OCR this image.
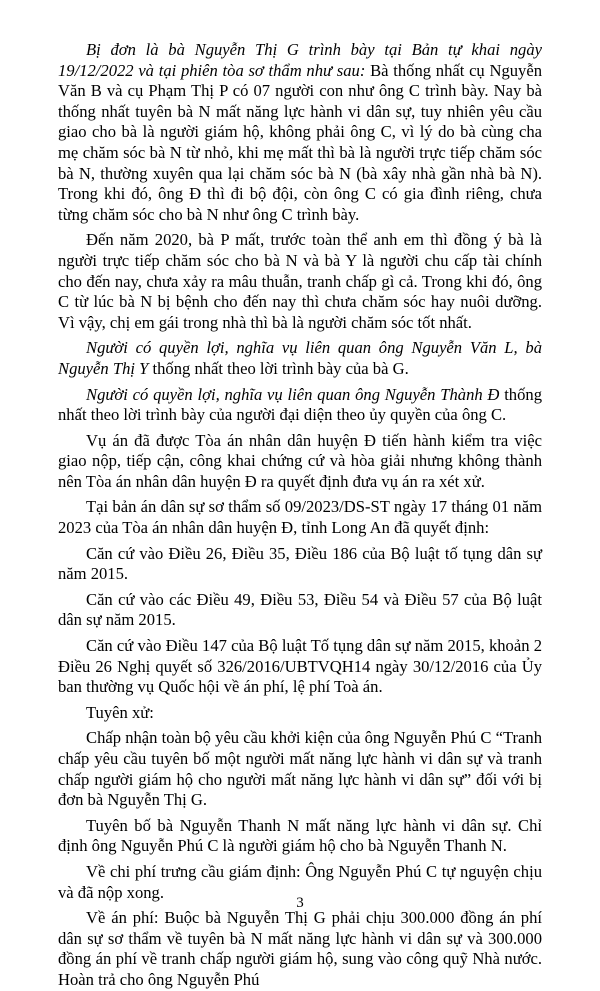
Bị đơn là bà Nguyễn Thị G trình bày tại Bản tự khai ngày 19/12/2022 và tại phiên tòa sơ thẩm như sau: Bà thống nhất cụ Nguyễn Văn B và cụ Phạm Thị P có 07 người con như ông C trình bày. Nay bà thống nhất tuyên bà N mất năng lực hành vi dân sự, tuy nhiên yêu cầu giao cho bà là người giám hộ, không phải ông C, vì lý do bà cùng cha mẹ chăm sóc bà N từ nhỏ, khi mẹ mất thì bà là người trực tiếp chăm sóc bà N, thường xuyên qua lại chăm sóc bà N (bà xây nhà gần nhà bà N). Trong khi đó, ông Đ thì đi bộ đội, còn ông C có gia đình riêng, chưa từng chăm sóc cho bà N như ông C trình bày.

Đến năm 2020, bà P mất, trước toàn thể anh em thì đồng ý bà là người trực tiếp chăm sóc cho bà N và bà Y là người chu cấp tài chính cho đến nay, chưa xảy ra mâu thuẫn, tranh chấp gì cả. Trong khi đó, ông C từ lúc bà N bị bệnh cho đến nay thì chưa chăm sóc hay nuôi dưỡng. Vì vậy, chị em gái trong nhà thì bà là người chăm sóc tốt nhất.

Người có quyền lợi, nghĩa vụ liên quan ông Nguyễn Văn L, bà Nguyễn Thị Y thống nhất theo lời trình bày của bà G.

Người có quyền lợi, nghĩa vụ liên quan ông Nguyễn Thành Đ thống nhất theo lời trình bày của người đại diện theo ủy quyền của ông C.

Vụ án đã được Tòa án nhân dân huyện Đ tiến hành kiểm tra việc giao nộp, tiếp cận, công khai chứng cứ và hòa giải nhưng không thành nên Tòa án nhân dân huyện Đ ra quyết định đưa vụ án ra xét xử.

Tại bản án dân sự sơ thẩm số 09/2023/DS-ST ngày 17 tháng 01 năm 2023 của Tòa án nhân dân huyện Đ, tỉnh Long An đã quyết định:

Căn cứ vào Điều 26, Điều 35, Điều 186 của Bộ luật tố tụng dân sự năm 2015.

Căn cứ vào các Điều 49, Điều 53, Điều 54 và Điều 57 của Bộ luật dân sự năm 2015.

Căn cứ vào Điều 147 của Bộ luật Tố tụng dân sự năm 2015, khoản 2 Điều 26 Nghị quyết số 326/2016/UBTVQH14 ngày 30/12/2016 của Ủy ban thường vụ Quốc hội về án phí, lệ phí Toà án.

Tuyên xử:

Chấp nhận toàn bộ yêu cầu khởi kiện của ông Nguyễn Phú C “Tranh chấp yêu cầu tuyên bố một người mất năng lực hành vi dân sự và tranh chấp người giám hộ cho người mất năng lực hành vi dân sự” đối với bị đơn bà Nguyễn Thị G.

Tuyên bố bà Nguyễn Thanh N mất năng lực hành vi dân sự. Chỉ định ông Nguyễn Phú C là người giám hộ cho bà Nguyễn Thanh N.

Về chi phí trưng cầu giám định: Ông Nguyễn Phú C tự nguyện chịu và đã nộp xong.

Về án phí: Buộc bà Nguyễn Thị G phải chịu 300.000 đồng án phí dân sự sơ thẩm về tuyên bà N mất năng lực hành vi dân sự và 300.000 đồng án phí về tranh chấp người giám hộ, sung vào công quỹ Nhà nước. Hoàn trả cho ông Nguyễn Phú

3
